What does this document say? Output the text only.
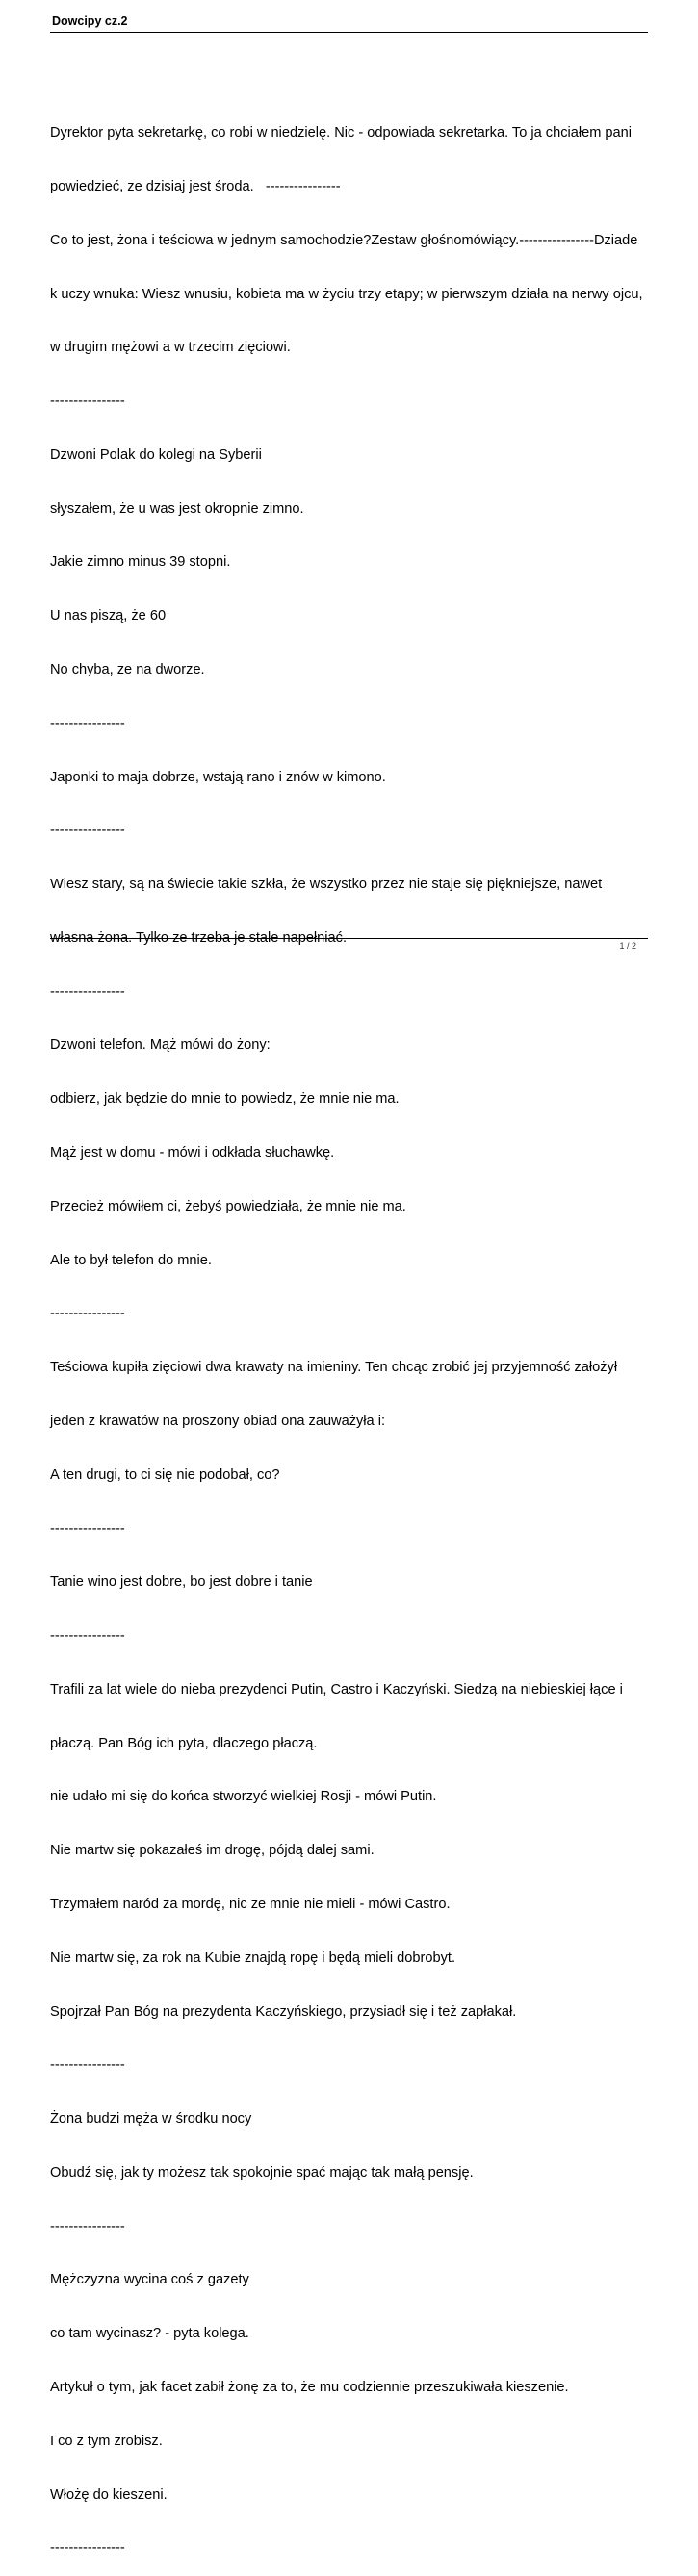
Dowcipy cz.2

Dyrektor pyta sekretarkę, co robi w niedzielę. Nic - odpowiada sekretarka. To ja chciałem pani

powiedzieć, ze dzisiaj jest środa.   ----------------

Co to jest, żona i teściowa w jednym samochodzie?Zestaw głośnomówiący.----------------Dziade

k uczy wnuka: Wiesz wnusiu, kobieta ma w życiu trzy etapy; w pierwszym działa na nerwy ojcu,

w drugim mężowi a w trzecim zięciowi.

----------------

Dzwoni Polak do kolegi na Syberii

słyszałem, że u was jest okropnie zimno.

Jakie zimno minus 39 stopni.

U nas piszą, że 60

No chyba, ze na dworze.

----------------

Japonki to maja dobrze, wstają rano i znów w kimono.

----------------

Wiesz stary, są na świecie takie szkła, że wszystko przez nie staje się piękniejsze, nawet

własna żona. Tylko ze trzeba je stale napełniać.

----------------

Dzwoni telefon. Mąż mówi do żony:

odbierz, jak będzie do mnie to powiedz, że mnie nie ma.

Mąż jest w domu - mówi i odkłada słuchawkę.

Przecież mówiłem ci, żebyś powiedziała, że mnie nie ma.

Ale to był telefon do mnie.

----------------

Teściowa kupiła zięciowi dwa krawaty na imieniny. Ten chcąc zrobić jej przyjemność założył

jeden z krawatów na proszony obiad ona zauważyła i:

A ten drugi, to ci się nie podobał, co?

----------------

Tanie wino jest dobre, bo jest dobre i tanie

----------------

Trafili za lat wiele do nieba prezydenci Putin, Castro i Kaczyński. Siedzą na niebieskiej łące i

płaczą. Pan Bóg ich pyta, dlaczego płaczą.

nie udało mi się do końca stworzyć wielkiej Rosji - mówi Putin.

Nie martw się pokazałeś im drogę, pójdą dalej sami.

Trzymałem naród za mordę, nic ze mnie nie mieli - mówi Castro.

Nie martw się, za rok na Kubie znajdą ropę i będą mieli dobrobyt.

Spojrzał Pan Bóg na prezydenta Kaczyńskiego, przysiadł się i też zapłakał.

----------------

Żona budzi męża w środku nocy

Obudź się, jak ty możesz tak spokojnie spać mając tak małą pensję.

----------------

Mężczyzna wycina coś z gazety

co tam wycinasz? - pyta kolega.

Artykuł o tym, jak facet zabił żonę za to, że mu codziennie przeszukiwała kieszenie.

I co z tym zrobisz.

Włożę do kieszeni.

----------------

1 / 2
